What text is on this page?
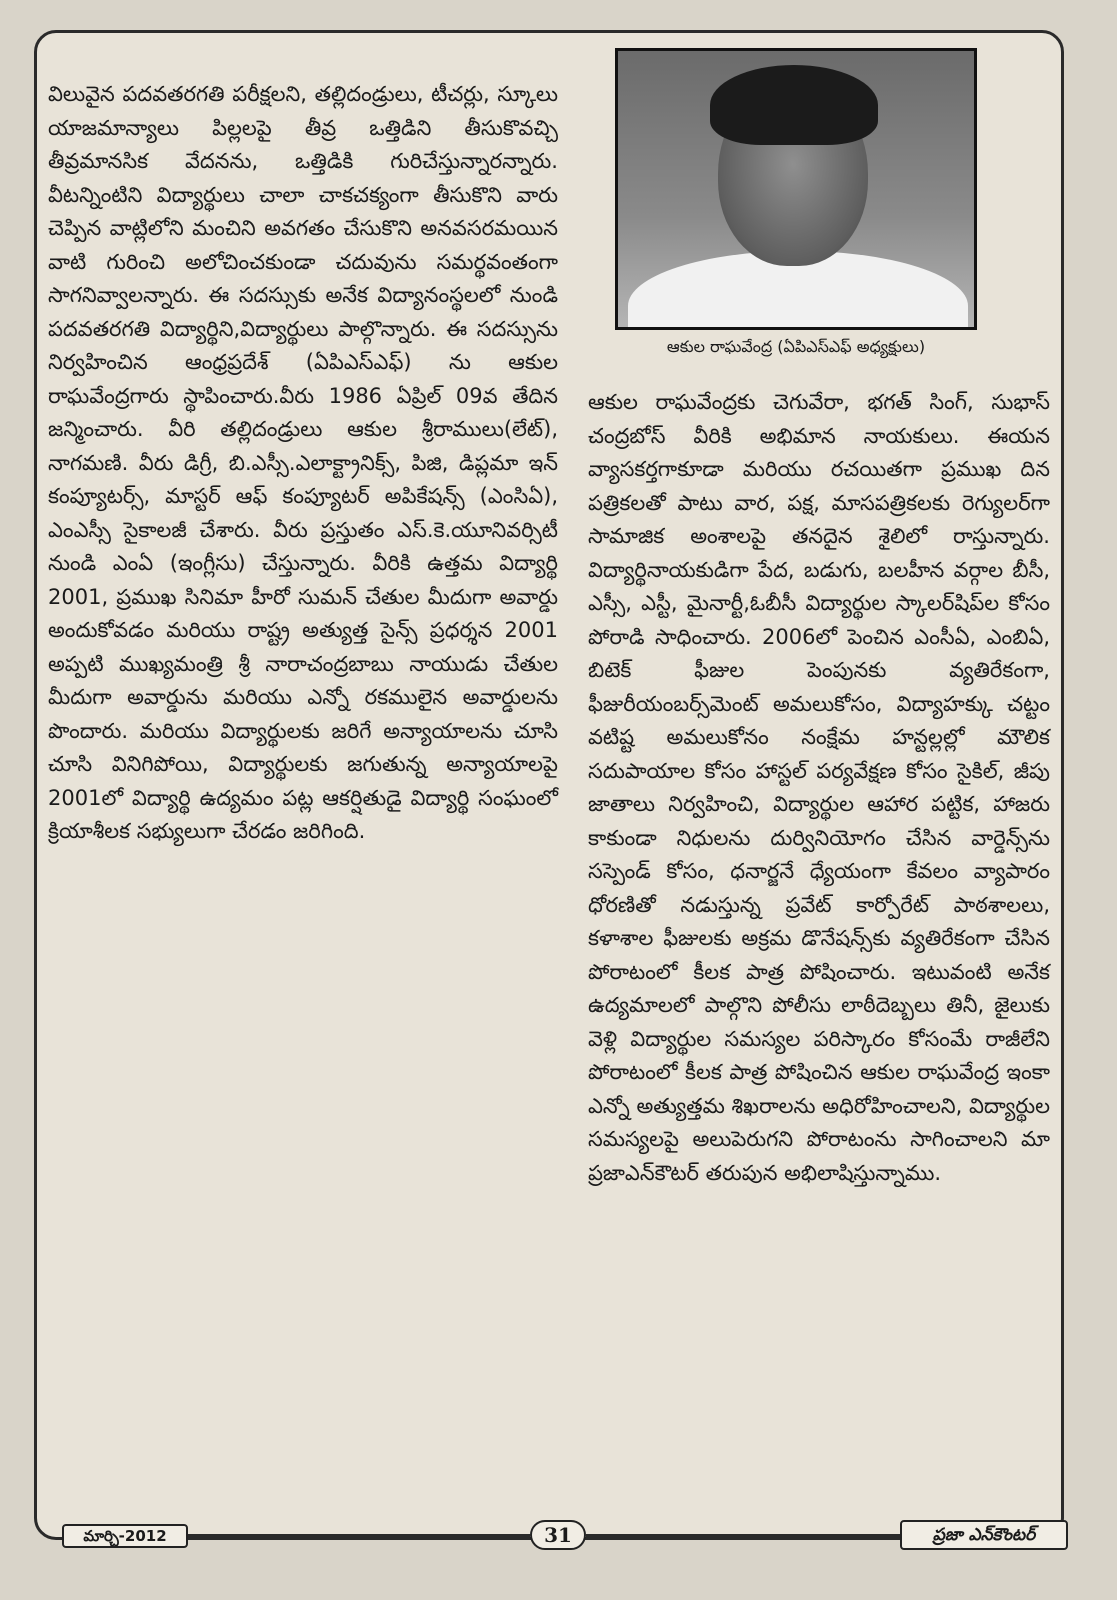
విలువైన పదవతరగతి పరీక్షలని, తల్లిదండ్రులు, టీచర్లు, స్కూలు యాజమాన్యాలు పిల్లలపై తీవ్ర ఒత్తిడిని తీసుకొవచ్చి తీవ్రమానసిక వేదనను, ఒత్తిడికి గురిచేస్తున్నారన్నారు. వీటన్నింటిని విద్యార్థులు చాలా చాకచక్యంగా తీసుకొని వారు చెప్పిన వాట్లిలోని మంచిని అవగతం చేసుకొని అనవసరమయిన వాటి గురించి అలోచించకుండా చదువును సమర్థవంతంగా సాగనివ్వాలన్నారు. ఈ సదస్సుకు అనేక విద్యానంస్థలలో నుండి పదవతరగతి విద్యార్థిని,విద్యార్థులు పాల్గొన్నారు. ఈ సదస్సును నిర్వహించిన ఆంధ్రప్రదేశ్ (ఏపిఎస్ఎఫ్) ను ఆకుల రాఘవేంద్రగారు స్థాపించారు.వీరు 1986 ఏప్రిల్ 09వ తేదిన జన్మించారు. వీరి తల్లిదండ్రులు ఆకుల శ్రీరాములు(లేట్), నాగమణి. వీరు డిగ్రీ, బి.ఎస్సీ.ఎలాక్ట్రానిక్స్, పిజి, డిప్లమా ఇన్ కంప్యూటర్స్, మాస్టర్ ఆఫ్ కంప్యూటర్ అపికేషన్స్ (ఎంసిఏ), ఎంఎస్సీ సైకాలజీ చేశారు. వీరు ప్రస్తుతం ఎస్.కె.యూనివర్సిటీ నుండి ఎంఏ (ఇంగ్లీసు) చేస్తున్నారు. వీరికి ఉత్తమ విద్యార్థి 2001, ప్రముఖ సినిమా హీరో సుమన్ చేతుల మీదుగా అవార్డు అందుకోవడం మరియు రాష్ట్ర అత్యుత్త సైన్స్ ప్రధర్శన 2001 అప్పటి ముఖ్యమంత్రి శ్రీ నారాచంద్రబాబు నాయుడు చేతుల మీదుగా అవార్డును మరియు ఎన్నో రకములైన అవార్డులను పొందారు. మరియు విద్యార్థులకు జరిగే అన్యాయాలను చూసి చూసి వినిగిపోయి, విద్యార్థులకు జగుతున్న అన్యాయాలపై 2001లో విద్యార్థి ఉద్యమం పట్ల ఆకర్షితుడై విద్యార్థి సంఘంలో క్రియాశీలక సభ్యులుగా చేరడం జరిగింది.

ఆకుల రాఘవేంద్ర (ఏపిఎస్ఎఫ్ అధ్యక్షులు)

ఆకుల రాఘవేంద్రకు చెగువేరా, భగత్ సింగ్, సుభాస్ చంద్రబోస్ వీరికి అభిమాన నాయకులు. ఈయన వ్యాసకర్తగాకూడా మరియు రచయితగా ప్రముఖ దిన పత్రికలతో పాటు వార, పక్ష, మాసపత్రికలకు రెగ్యులర్‌గా సామాజిక అంశాలపై తనదైన శైలిలో రాస్తున్నారు. విద్యార్థినాయకుడిగా పేద, బడుగు, బలహీన వర్గాల బీసీ, ఎస్సీ, ఎస్టీ, మైనార్టీ,ఓబీసీ విద్యార్థుల స్కాలర్‌షిప్‌ల కోసం పోరాడి సాధించారు. 2006లో పెంచిన ఎంసీఏ, ఎంబిఏ, బిటెక్ ఫీజుల పెంపునకు వ్యతిరేకంగా, ఫీజురీయంబర్స్‌మెంట్ అమలుకోసం, విద్యాహక్కు చట్టం వటిష్ట అమలుకోనం నంక్షేమ హన్టల్లల్లో మౌలిక సదుపాయాల కోసం హాస్టల్ పర్యవేక్షణ కోసం సైకిల్, జీపు జాతాలు నిర్వహించి, విద్యార్థుల ఆహార పట్టిక, హాజరు కాకుండా నిధులను దుర్వినియోగం చేసిన వార్డెన్స్‌ను సస్పెండ్ కోసం, ధనార్జనే ధ్యేయంగా కేవలం వ్యాపారం ధోరణితో నడుస్తున్న ప్రవేట్ కార్పోరేట్ పాఠశాలలు, కళాశాల ఫీజులకు అక్రమ డొనేషన్స్‌కు వ్యతిరేకంగా చేసిన పోరాటంలో కీలక పాత్ర పోషించారు. ఇటువంటి అనేక ఉద్యమాలలో పాల్గొని పోలీసు లాఠీదెబ్బలు తినీ, జైలుకు వెళ్లి విద్యార్థుల సమస్యల పరిస్కారం కోసంమే రాజీలేని పోరాటంలో కీలక పాత్ర పోషించిన ఆకుల రాఘవేంద్ర ఇంకా ఎన్నో అత్యుత్తమ శిఖరాలను అధిరోహించాలని, విద్యార్థుల సమస్యలపై అలుపెరుగని పోరాటంను సాగించాలని మా ప్రజాఎన్‌కౌటర్ తరుపున అభిలాషిస్తున్నాము.

మార్చి-2012	31	ప్రజా ఎన్‌కౌంటర్
